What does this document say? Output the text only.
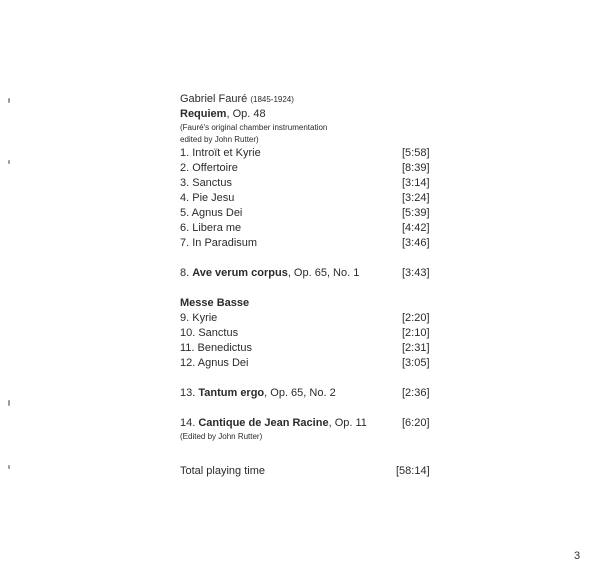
Gabriel Fauré (1845-1924)
Requiem, Op. 48
(Fauré's original chamber instrumentation
edited by John Rutter)
1. Introït et Kyrie	[5:58]
2. Offertoire	[8:39]
3. Sanctus	[3:14]
4. Pie Jesu	[3:24]
5. Agnus Dei	[5:39]
6. Libera me	[4:42]
7. In Paradisum	[3:46]
8. Ave verum corpus, Op. 65, No. 1	[3:43]
Messe Basse
9. Kyrie	[2:20]
10. Sanctus	[2:10]
11. Benedictus	[2:31]
12. Agnus Dei	[3:05]
13. Tantum ergo, Op. 65, No. 2	[2:36]
14. Cantique de Jean Racine, Op. 11	[6:20]
(Edited by John Rutter)
Total playing time	[58:14]
3
